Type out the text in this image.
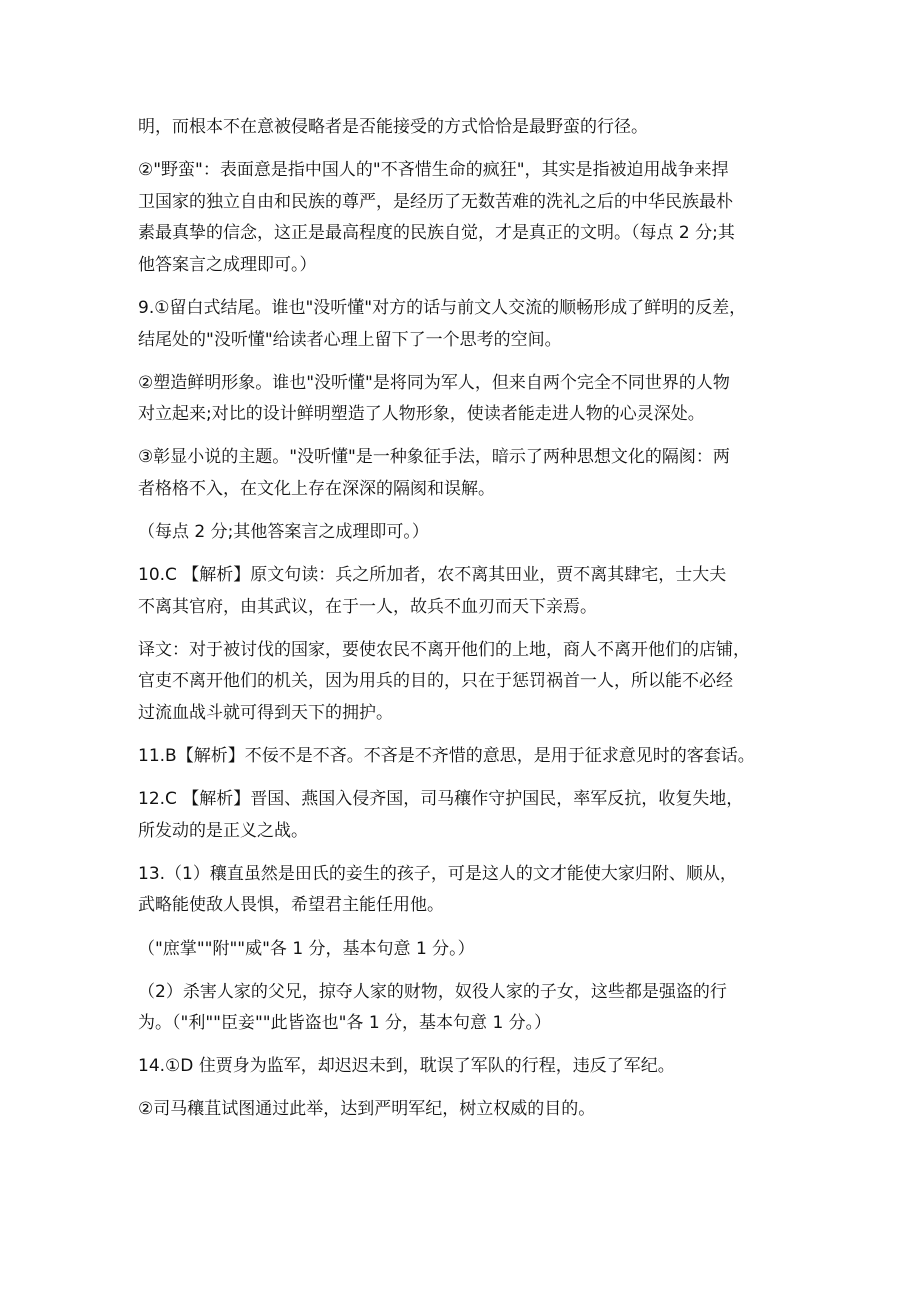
明，而根本不在意被侵略者是否能接受的方式恰恰是最野蛮的行径。

②"野蛮"：表面意是指中国人的"不吝惜生命的疯狂"，其实是指被迫用战争来捍
卫国家的独立自由和民族的尊严，是经历了无数苦难的洗礼之后的中华民族最朴
素最真挚的信念，这正是最高程度的民族自觉，才是真正的文明。（每点 2 分;其
他答案言之成理即可。）

9.①留白式结尾。谁也"没听懂"对方的话与前文人交流的顺畅形成了鲜明的反差，
结尾处的"没听懂"给读者心理上留下了一个思考的空间。

②塑造鲜明形象。谁也"没听懂"是将同为军人，但来自两个完全不同世界的人物
对立起来;对比的设计鲜明塑造了人物形象，使读者能走进人物的心灵深处。

③彰显小说的主题。"没听懂"是一种象征手法，暗示了两种思想文化的隔阂：两
者格格不入，在文化上存在深深的隔阂和误解。

（每点 2 分;其他答案言之成理即可。）

10.C 【解析】原文句读：兵之所加者，农不离其田业，贾不离其肆宅，士大夫
不离其官府，由其武议，在于一人，故兵不血刃而天下亲焉。

译文：对于被讨伐的国家，要使农民不离开他们的上地，商人不离开他们的店铺，
官吏不离开他们的机关，因为用兵的目的，只在于惩罚祸首一人，所以能不必经
过流血战斗就可得到天下的拥护。

11.B【解析】不佞不是不吝。不吝是不齐惜的意思，是用于征求意见时的客套话。

12.C 【解析】晋国、燕国入侵齐国，司马穰作守护国民，率军反抗，收复失地，
所发动的是正义之战。

13.（1）穰直虽然是田氏的妾生的孩子，可是这人的文才能使大家归附、顺从，
武略能使敌人畏惧，希望君主能任用他。

（"庶掌""附""威"各 1 分，基本句意 1 分。）

（2）杀害人家的父兄，掠夺人家的财物，奴役人家的子女，这些都是强盗的行
为。（"利""臣妾""此皆盗也"各 1 分，基本句意 1 分。）

14.①D 住贾身为监军，却迟迟未到，耽误了军队的行程，违反了军纪。

②司马穰苴试图通过此举，达到严明军纪，树立权威的目的。
